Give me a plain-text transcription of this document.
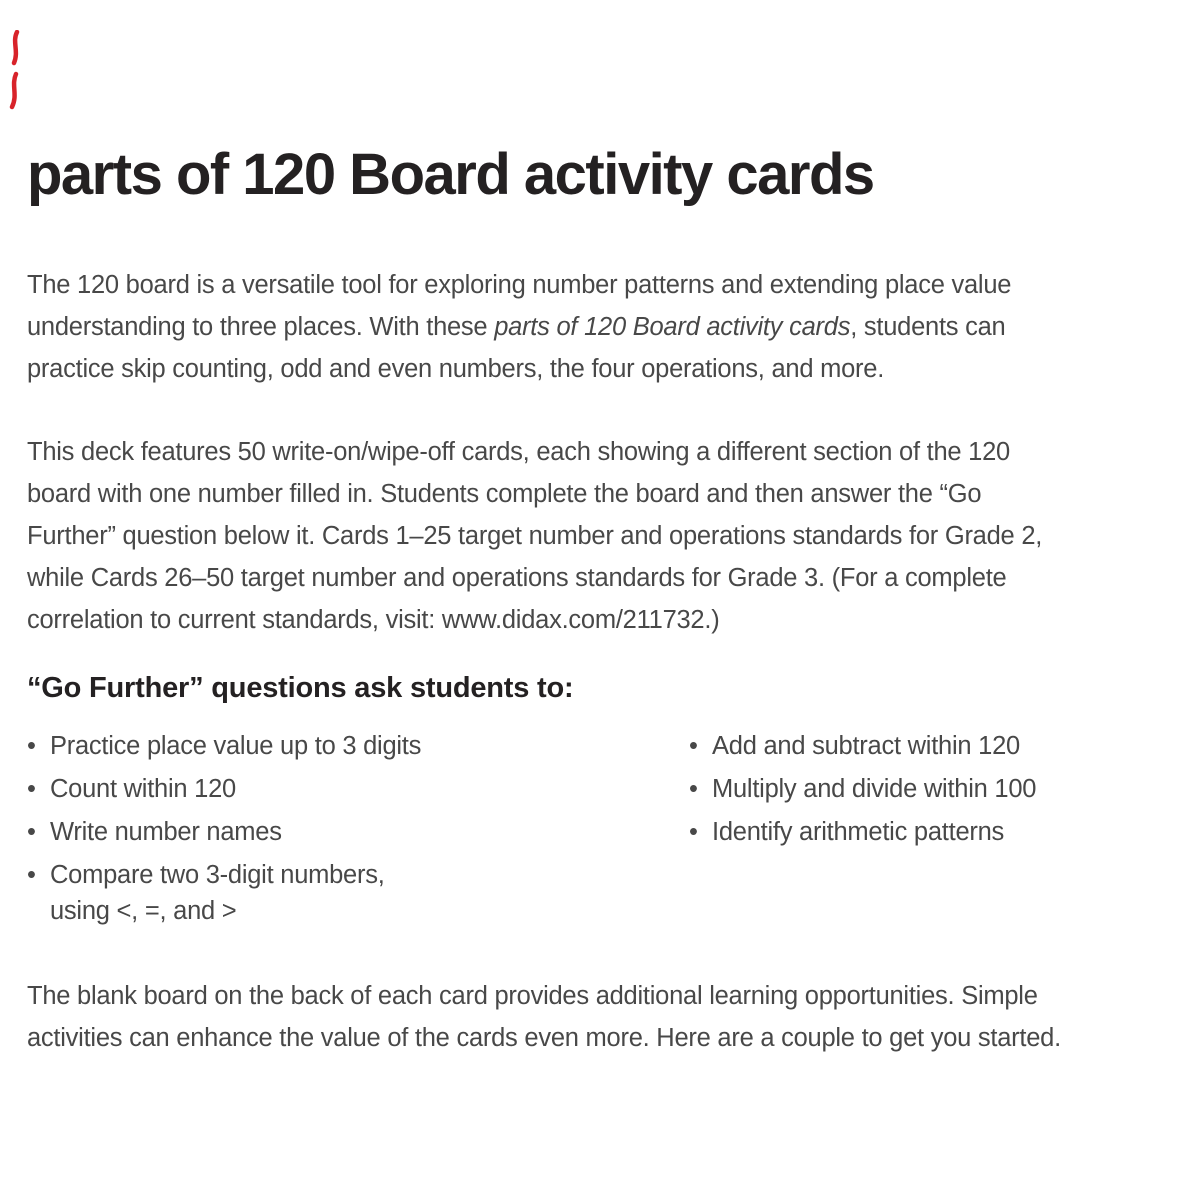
parts of 120 Board activity cards

The 120 board is a versatile tool for exploring number patterns and extending place value
understanding to three places. With these parts of 120 Board activity cards, students can
practice skip counting, odd and even numbers, the four operations, and more.

This deck features 50 write-on/wipe-off cards, each showing a different section of the 120
board with one number filled in. Students complete the board and then answer the “Go
Further” question below it. Cards 1–25 target number and operations standards for Grade 2,
while Cards 26–50 target number and operations standards for Grade 3. (For a complete
correlation to current standards, visit: www.didax.com/211732.)

“Go Further” questions ask students to:
• Practice place value up to 3 digits
• Count within 120
• Write number names
• Compare two 3-digit numbers,
using <, =, and >
• Add and subtract within 120
• Multiply and divide within 100
• Identify arithmetic patterns

The blank board on the back of each card provides additional learning opportunities. Simple
activities can enhance the value of the cards even more. Here are a couple to get you started.
